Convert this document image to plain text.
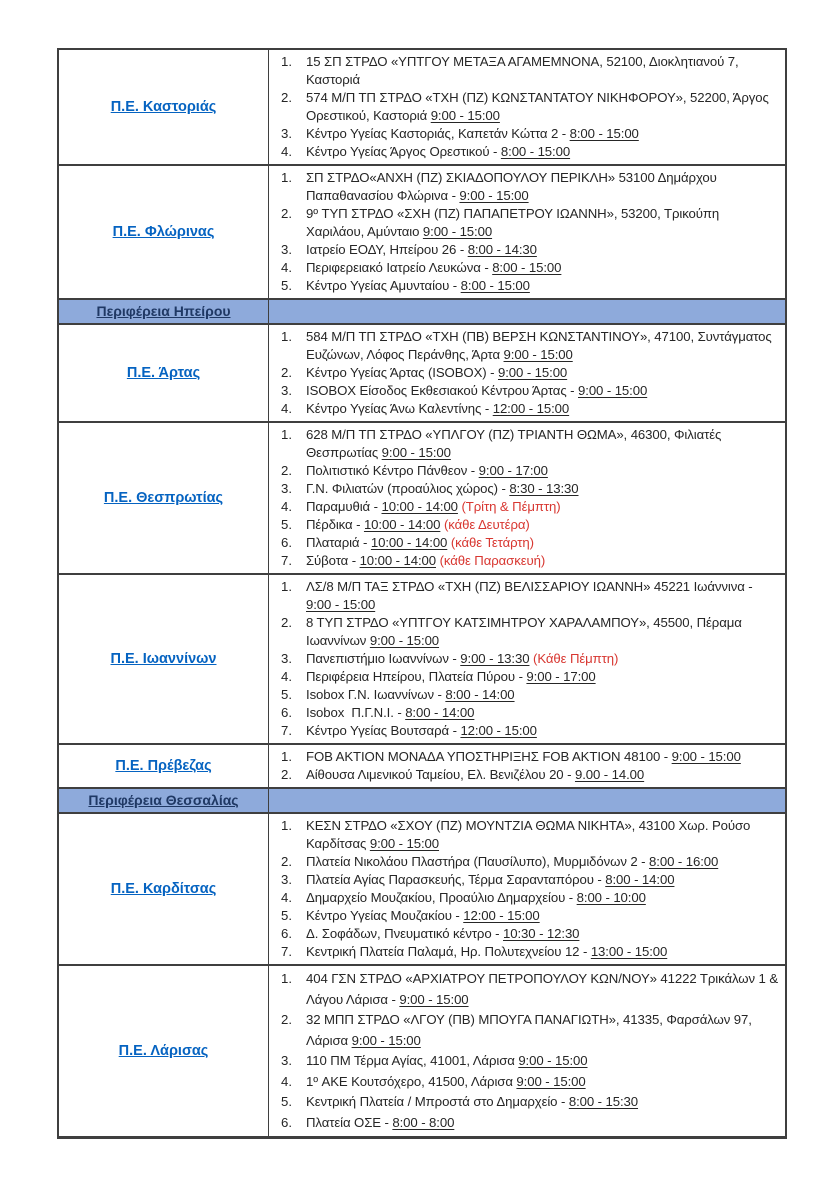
Π.Ε. Καστοριάς
1.	15 ΣΠ ΣΤΡΔΟ «ΥΠΤΓΟΥ ΜΕΤΑΞΑ ΑΓΑΜΕΜΝΟΝΑ, 52100, Διοκλητιανού 7, Καστοριά
2.	574 Μ/Π ΤΠ ΣΤΡΔΟ «ΤΧΗ (ΠΖ) ΚΩΝΣΤΑΝΤΑΤΟΥ ΝΙΚΗΦΟΡΟΥ», 52200, Άργος Ορεστικού, Καστοριά 9:00 - 15:00
3.	Κέντρο Υγείας Καστοριάς, Καπετάν Κώττα 2 - 8:00 - 15:00
4.	Κέντρο Υγείας Άργος Ορεστικού - 8:00 - 15:00
Π.Ε. Φλώρινας
1.	ΣΠ ΣΤΡΔΟ«ΑΝΧΗ (ΠΖ) ΣΚΙΑΔΟΠΟΥΛΟΥ ΠΕΡΙΚΛΗ» 53100 Δημάρχου Παπαθανασίου Φλώρινα - 9:00 - 15:00
2.	9º ΤΥΠ ΣΤΡΔΟ «ΣΧΗ (ΠΖ) ΠΑΠΑΠΕΤΡΟΥ ΙΩΑΝΝΗ», 53200, Τρικούπη Χαριλάου, Αμύνταιο 9:00 - 15:00
3.	Ιατρείο ΕΟΔΥ, Ηπείρου 26 - 8:00 - 14:30
4.	Περιφερειακό Ιατρείο Λευκώνα - 8:00 - 15:00
5.	Κέντρο Υγείας Αμυνταίου - 8:00 - 15:00
Περιφέρεια Ηπείρου
Π.Ε. Άρτας
1.	584 Μ/Π ΤΠ ΣΤΡΔΟ «ΤΧΗ (ΠΒ) ΒΕΡΣΗ ΚΩΝΣΤΑΝΤΙΝΟΥ», 47100, Συντάγματος Ευζώνων, Λόφος Περάνθης, Άρτα 9:00 - 15:00
2.	Κέντρο Υγείας Άρτας (ISOBOX) - 9:00 - 15:00
3.	ISOBOX Είσοδος Εκθεσιακού Κέντρου Άρτας - 9:00 - 15:00
4.	Κέντρο Υγείας Άνω Καλεντίνης - 12:00 - 15:00
Π.Ε. Θεσπρωτίας
1.	628 Μ/Π ΤΠ ΣΤΡΔΟ «ΥΠΛΓΟΥ (ΠΖ) ΤΡΙΑΝΤΗ ΘΩΜΑ», 46300, Φιλιατές Θεσπρωτίας 9:00 - 15:00
2.	Πολιτιστικό Κέντρο Πάνθεον - 9:00 - 17:00
3.	Γ.Ν. Φιλιατών (προαύλιος χώρος) - 8:30 - 13:30
4.	Παραμυθιά - 10:00 - 14:00 (Τρίτη & Πέμπτη)
5.	Πέρδικα - 10:00 - 14:00 (κάθε Δευτέρα)
6.	Πλαταριά - 10:00 - 14:00 (κάθε Τετάρτη)
7.	Σύβοτα - 10:00 - 14:00 (κάθε Παρασκευή)
Π.Ε. Ιωαννίνων
1.	ΛΣ/8 Μ/Π ΤΑΞ ΣΤΡΔΟ «ΤΧΗ (ΠΖ) ΒΕΛΙΣΣΑΡΙΟΥ ΙΩΑΝΝΗ» 45221 Ιωάννινα - 9:00 - 15:00
2.	8 ΤΥΠ ΣΤΡΔΟ «ΥΠΤΓΟΥ ΚΑΤΣΙΜΗΤΡΟΥ ΧΑΡΑΛΑΜΠΟΥ», 45500, Πέραμα Ιωαννίνων 9:00 - 15:00
3.	Πανεπιστήμιο Ιωαννίνων - 9:00 - 13:30 (Κάθε Πέμπτη)
4.	Περιφέρεια Ηπείρου, Πλατεία Πύρου - 9:00 - 17:00
5.	Isobox Γ.Ν. Ιωαννίνων - 8:00 - 14:00
6.	Isobox  Π.Γ.Ν.Ι. - 8:00 - 14:00
7.	Κέντρο Υγείας Βουτσαρά - 12:00 - 15:00
Π.Ε. Πρέβεζας
1.	FOB AKTION ΜΟΝΑΔΑ ΥΠΟΣΤΗΡΙΞΗΣ FOB AKTION 48100 - 9:00 - 15:00
2.	Αίθουσα Λιμενικού Ταμείου, Ελ. Βενιζέλου 20 - 9.00 - 14.00
Περιφέρεια Θεσσαλίας
Π.Ε. Καρδίτσας
1.	ΚΕΣΝ ΣΤΡΔΟ «ΣΧΟΥ (ΠΖ) ΜΟΥΝΤΖΙΑ ΘΩΜΑ ΝΙΚΗΤΑ», 43100 Χωρ. Ρούσο Καρδίτσας 9:00 - 15:00
2.	Πλατεία Νικολάου Πλαστήρα (Παυσίλυπο), Μυρμιδόνων 2 - 8:00 - 16:00
3.	Πλατεία Αγίας Παρασκευής, Τέρμα Σαρανταπόρου - 8:00 - 14:00
4.	Δημαρχείο Μουζακίου, Προαύλιο Δημαρχείου - 8:00 - 10:00
5.	Κέντρο Υγείας Μουζακίου - 12:00 - 15:00
6.	Δ. Σοφάδων, Πνευματικό κέντρο - 10:30 - 12:30
7.	Κεντρική Πλατεία Παλαμά, Ηρ. Πολυτεχνείου 12 - 13:00 - 15:00
Π.Ε. Λάρισας
1.	404 ΓΣΝ ΣΤΡΔΟ «ΑΡΧΙΑΤΡΟΥ ΠΕΤΡΟΠΟΥΛΟΥ ΚΩΝ/ΝΟΥ» 41222 Τρικάλων 1 & Λάγου Λάρισα - 9:00 - 15:00
2.	32 ΜΠΠ ΣΤΡΔΟ «ΛΓΟΥ (ΠΒ) ΜΠΟΥΓΑ ΠΑΝΑΓΙΩΤΗ», 41335, Φαρσάλων 97, Λάρισα 9:00 - 15:00
3.	110 ΠΜ Τέρμα Αγίας, 41001, Λάρισα 9:00 - 15:00
4.	1º ΑΚΕ Κουτσόχερο, 41500, Λάρισα 9:00 - 15:00
5.	Κεντρική Πλατεία / Μπροστά στο Δημαρχείο - 8:00 - 15:30
6.	Πλατεία ΟΣΕ - 8:00 - 8:00
